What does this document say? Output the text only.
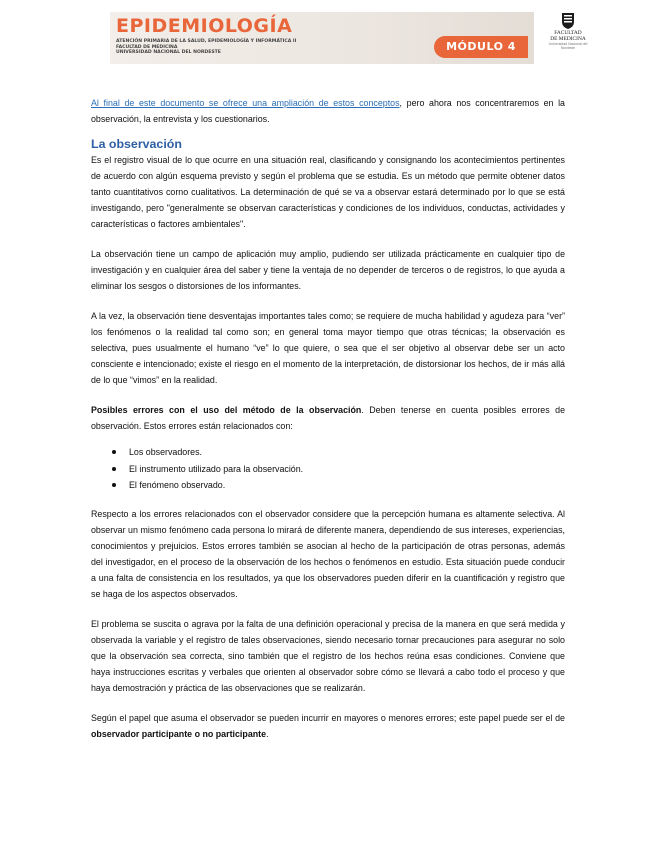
EPIDEMIOLOGÍA
ATENCIÓN PRIMARIA DE LA SALUD, EPIDEMIOLOGÍA Y INFORMÁTICA II
FACULTAD DE MEDICINA
UNIVERSIDAD NACIONAL DEL NORDESTE	MÓDULO 4
FACULTAD
DE MEDICINA
Universidad Nacional del Nordeste

Al final de este documento se ofrece una ampliación de estos conceptos, pero ahora nos concentraremos en la observación, la entrevista y los cuestionarios.

La observación

Es el registro visual de lo que ocurre en una situación real, clasificando y consignando los acontecimientos pertinentes de acuerdo con algún esquema previsto y según el problema que se estudia. Es un método que permite obtener datos tanto cuantitativos corno cualitativos. La determinación de qué se va a observar estará determinado por lo que se está investigando, pero "generalmente se observan características y condiciones de los individuos, conductas, actividades y características o factores ambientales".

La observación tiene un campo de aplicación muy amplio, pudiendo ser utilizada prácticamente en cualquier tipo de investigación y en cualquier área del saber y tiene la ventaja de no depender de terceros o de registros, lo que ayuda a eliminar los sesgos o distorsiones de los informantes.

A la vez, la observación tiene desventajas importantes tales como; se requiere de mucha habilidad y agudeza para “ver” los fenómenos o la realidad tal como son; en general toma mayor tiempo que otras técnicas; la observación es selectiva, pues usualmente el humano “ve” lo que quiere, o sea que el ser objetivo al observar debe ser un acto consciente e intencionado; existe el riesgo en el momento de la interpretación, de distorsionar los hechos, de ir más allá de lo que “vimos” en la realidad.

Posibles errores con el uso del método de la observación. Deben tenerse en cuenta posibles errores de observación. Estos errores están relacionados con:

Los observadores.
El instrumento utilizado para la observación.
El fenómeno observado.

Respecto a los errores relacionados con el observador considere que la percepción humana es altamente selectiva. Al observar un mismo fenómeno cada persona lo mirará de diferente manera, dependiendo de sus intereses, experiencias, conocimientos y prejuicios. Estos errores también se asocian al hecho de la participación de otras personas, además del investigador, en el proceso de la observación de los hechos o fenómenos en estudio. Esta situación puede conducir a una falta de consistencia en los resultados, ya que los observadores pueden diferir en la cuantificación y registro que se haga de los aspectos observados.

El problema se suscita o agrava por la falta de una definición operacional y precisa de la manera en que será medida y observada la variable y el registro de tales observaciones, siendo necesario tornar precauciones para asegurar no solo que la observación sea correcta, sino también que el registro de los hechos reúna esas condiciones. Conviene que haya instrucciones escritas y verbales que orienten al observador sobre cómo se llevará a cabo todo el proceso y que haya demostración y práctica de las observaciones que se realizarán.

Según el papel que asuma el observador se pueden incurrir en mayores o menores errores; este papel puede ser el de observador participante o no participante.
